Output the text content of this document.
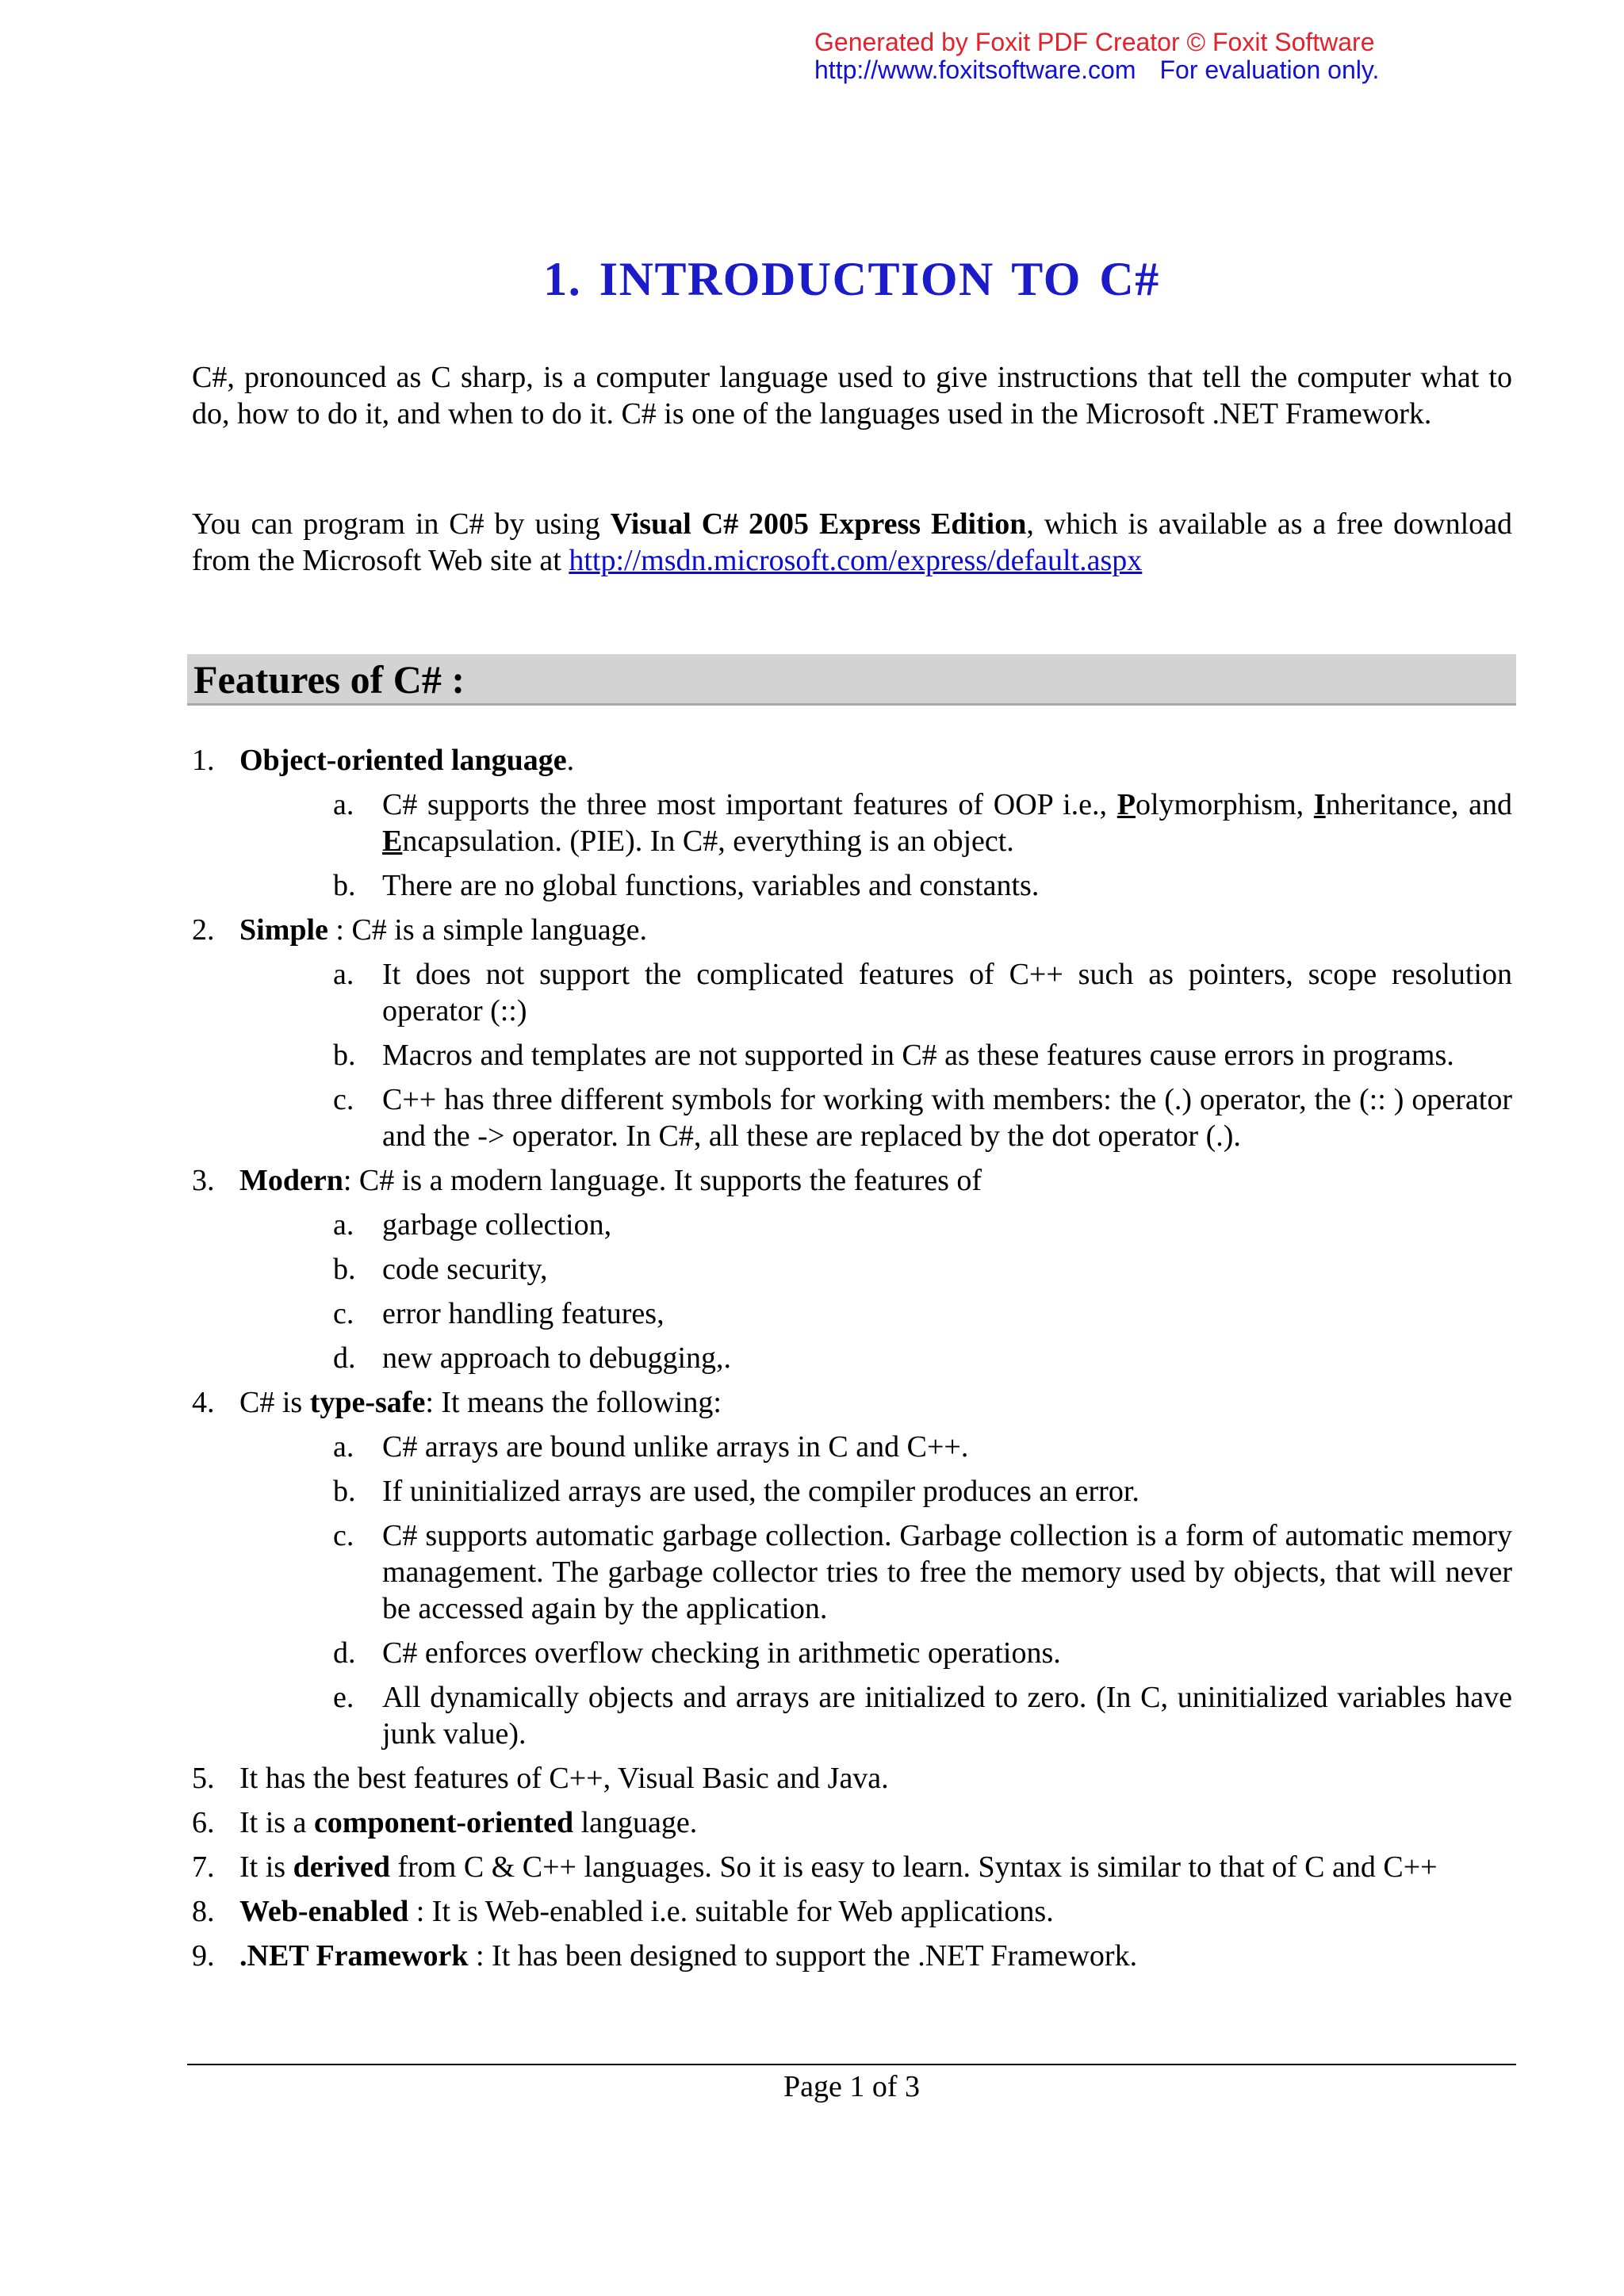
Generated by Foxit PDF Creator © Foxit Software
http://www.foxitsoftware.com For evaluation only.
1. INTRODUCTION TO C#
C#, pronounced as C sharp, is a computer language used to give instructions that tell the computer what to do, how to do it, and when to do it. C# is one of the languages used in the Microsoft .NET Framework.
You can program in C# by using Visual C# 2005 Express Edition, which is available as a free download from the Microsoft Web site at http://msdn.microsoft.com/express/default.aspx
Features of C# :
1. Object-oriented language.
a. C# supports the three most important features of OOP i.e., Polymorphism, Inheritance, and Encapsulation. (PIE). In C#, everything is an object.
b. There are no global functions, variables and constants.
2. Simple : C# is a simple language.
a. It does not support the complicated features of C++ such as pointers, scope resolution operator (::)
b. Macros and templates are not supported in C# as these features cause errors in programs.
c. C++ has three different symbols for working with members: the (.) operator, the (:: ) operator and the -> operator. In C#, all these are replaced by the dot operator (.).
3. Modern: C# is a modern language. It supports the features of
a. garbage collection,
b. code security,
c. error handling features,
d. new approach to debugging,.
4. C# is type-safe: It means the following:
a. C# arrays are bound unlike arrays in C and C++.
b. If uninitialized arrays are used, the compiler produces an error.
c. C# supports automatic garbage collection. Garbage collection is a form of automatic memory management. The garbage collector tries to free the memory used by objects, that will never be accessed again by the application.
d. C# enforces overflow checking in arithmetic operations.
e. All dynamically objects and arrays are initialized to zero. (In C, uninitialized variables have junk value).
5. It has the best features of C++, Visual Basic and Java.
6. It is a component-oriented language.
7. It is derived from C & C++ languages. So it is easy to learn. Syntax is similar to that of C and C++
8. Web-enabled : It is Web-enabled i.e. suitable for Web applications.
9. .NET Framework : It has been designed to support the .NET Framework.
Page 1 of 3
